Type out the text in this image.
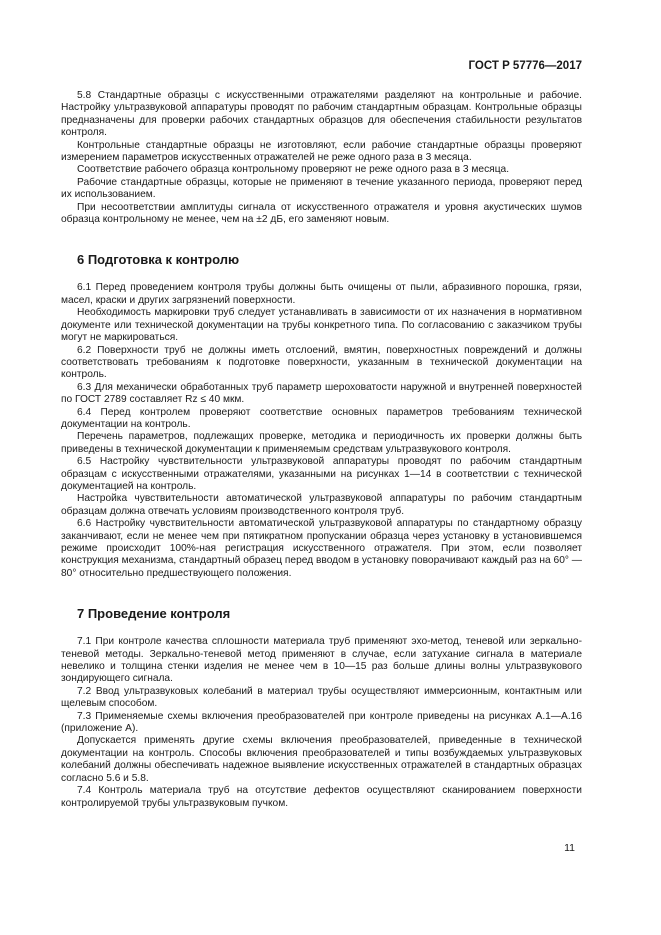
ГОСТ Р 57776—2017

5.8 Стандартные образцы с искусственными отражателями разделяют на контрольные и рабочие. Настройку ультразвуковой аппаратуры проводят по рабочим стандартным образцам. Контрольные образцы предназначены для проверки рабочих стандартных образцов для обеспечения стабильности результатов контроля.

Контрольные стандартные образцы не изготовляют, если рабочие стандартные образцы проверяют измерением параметров искусственных отражателей не реже одного раза в 3 месяца.

Соответствие рабочего образца контрольному проверяют не реже одного раза в 3 месяца.

Рабочие стандартные образцы, которые не применяют в течение указанного периода, проверяют перед их использованием.

При несоответствии амплитуды сигнала от искусственного отражателя и уровня акустических шумов образца контрольному не менее, чем на ±2 дБ, его заменяют новым.

6 Подготовка к контролю

6.1 Перед проведением контроля трубы должны быть очищены от пыли, абразивного порошка, грязи, масел, краски и других загрязнений поверхности.

Необходимость маркировки труб следует устанавливать в зависимости от их назначения в нормативном документе или технической документации на трубы конкретного типа. По согласованию с заказчиком трубы могут не маркироваться.

6.2 Поверхности труб не должны иметь отслоений, вмятин, поверхностных повреждений и должны соответствовать требованиям к подготовке поверхности, указанным в технической документации на контроль.

6.3 Для механически обработанных труб параметр шероховатости наружной и внутренней поверхностей по ГОСТ 2789 составляет Rz ≤ 40 мкм.

6.4 Перед контролем проверяют соответствие основных параметров требованиям технической документации на контроль.

Перечень параметров, подлежащих проверке, методика и периодичность их проверки должны быть приведены в технической документации к применяемым средствам ультразвукового контроля.

6.5 Настройку чувствительности ультразвуковой аппаратуры проводят по рабочим стандартным образцам с искусственными отражателями, указанными на рисунках 1—14 в соответствии с технической документацией на контроль.

Настройка чувствительности автоматической ультразвуковой аппаратуры по рабочим стандартным образцам должна отвечать условиям производственного контроля труб.

6.6 Настройку чувствительности автоматической ультразвуковой аппаратуры по стандартному образцу заканчивают, если не менее чем при пятикратном пропускании образца через установку в установившемся режиме происходит 100%-ная регистрация искусственного отражателя. При этом, если позволяет конструкция механизма, стандартный образец перед вводом в установку поворачивают каждый раз на 60° — 80° относительно предшествующего положения.

7 Проведение контроля

7.1 При контроле качества сплошности материала труб применяют эхо-метод, теневой или зеркально-теневой методы. Зеркально-теневой метод применяют в случае, если затухание сигнала в материале невелико и толщина стенки изделия не менее чем в 10—15 раз больше длины волны ультразвукового зондирующего сигнала.

7.2 Ввод ультразвуковых колебаний в материал трубы осуществляют иммерсионным, контактным или щелевым способом.

7.3 Применяемые схемы включения преобразователей при контроле приведены на рисунках А.1—А.16 (приложение А).

Допускается применять другие схемы включения преобразователей, приведенные в технической документации на контроль. Способы включения преобразователей и типы возбуждаемых ультразвуковых колебаний должны обеспечивать надежное выявление искусственных отражателей в стандартных образцах согласно 5.6 и 5.8.

7.4 Контроль материала труб на отсутствие дефектов осуществляют сканированием поверхности контролируемой трубы ультразвуковым пучком.

11
